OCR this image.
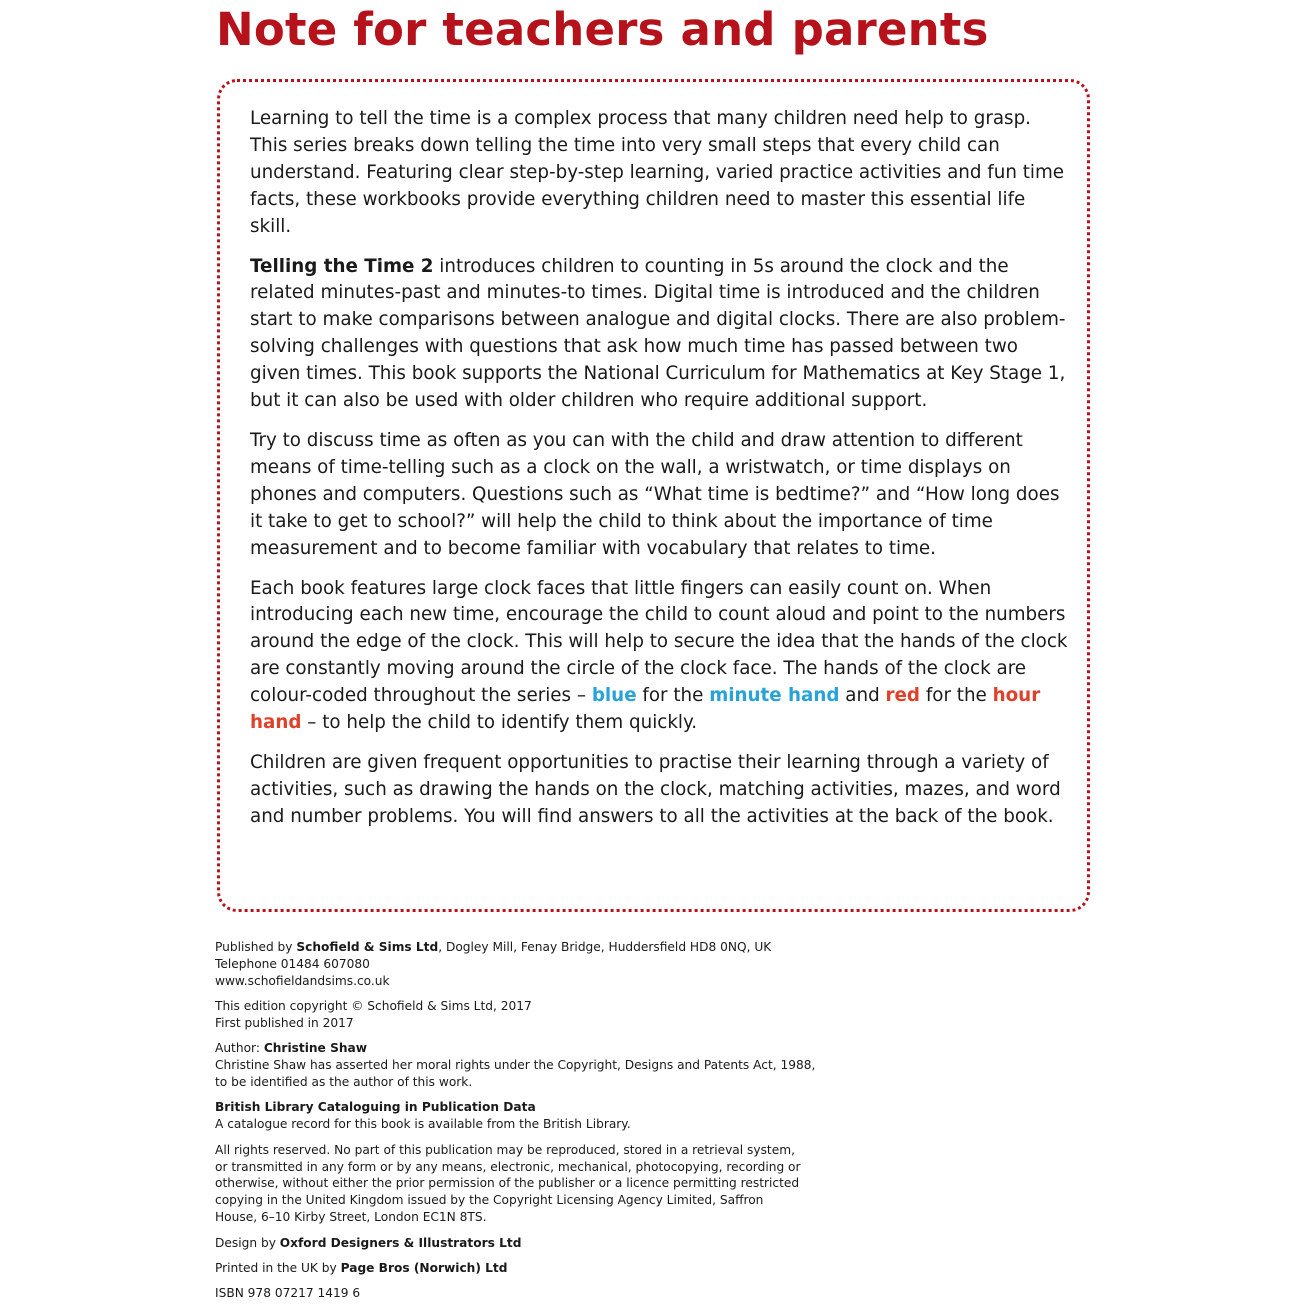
Note for teachers and parents

Learning to tell the time is a complex process that many children need help to grasp. This series breaks down telling the time into very small steps that every child can understand. Featuring clear step-by-step learning, varied practice activities and fun time facts, these workbooks provide everything children need to master this essential life skill.

Telling the Time 2 introduces children to counting in 5s around the clock and the related minutes-past and minutes-to times. Digital time is introduced and the children start to make comparisons between analogue and digital clocks. There are also problem-solving challenges with questions that ask how much time has passed between two given times. This book supports the National Curriculum for Mathematics at Key Stage 1, but it can also be used with older children who require additional support.

Try to discuss time as often as you can with the child and draw attention to different means of time-telling such as a clock on the wall, a wristwatch, or time displays on phones and computers. Questions such as “What time is bedtime?” and “How long does it take to get to school?” will help the child to think about the importance of time measurement and to become familiar with vocabulary that relates to time.

Each book features large clock faces that little fingers can easily count on. When introducing each new time, encourage the child to count aloud and point to the numbers around the edge of the clock. This will help to secure the idea that the hands of the clock are constantly moving around the circle of the clock face. The hands of the clock are colour-coded throughout the series – blue for the minute hand and red for the hour hand – to help the child to identify them quickly.

Children are given frequent opportunities to practise their learning through a variety of activities, such as drawing the hands on the clock, matching activities, mazes, and word and number problems. You will find answers to all the activities at the back of the book.

Published by Schofield & Sims Ltd, Dogley Mill, Fenay Bridge, Huddersfield HD8 0NQ, UK
Telephone 01484 607080
www.schofieldandsims.co.uk

This edition copyright © Schofield & Sims Ltd, 2017
First published in 2017

Author: Christine Shaw
Christine Shaw has asserted her moral rights under the Copyright, Designs and Patents Act, 1988,
to be identified as the author of this work.

British Library Cataloguing in Publication Data
A catalogue record for this book is available from the British Library.

All rights reserved. No part of this publication may be reproduced, stored in a retrieval system,
or transmitted in any form or by any means, electronic, mechanical, photocopying, recording or
otherwise, without either the prior permission of the publisher or a licence permitting restricted
copying in the United Kingdom issued by the Copyright Licensing Agency Limited, Saffron
House, 6–10 Kirby Street, London EC1N 8TS.

Design by Oxford Designers & Illustrators Ltd

Printed in the UK by Page Bros (Norwich) Ltd

ISBN 978 07217 1419 6
